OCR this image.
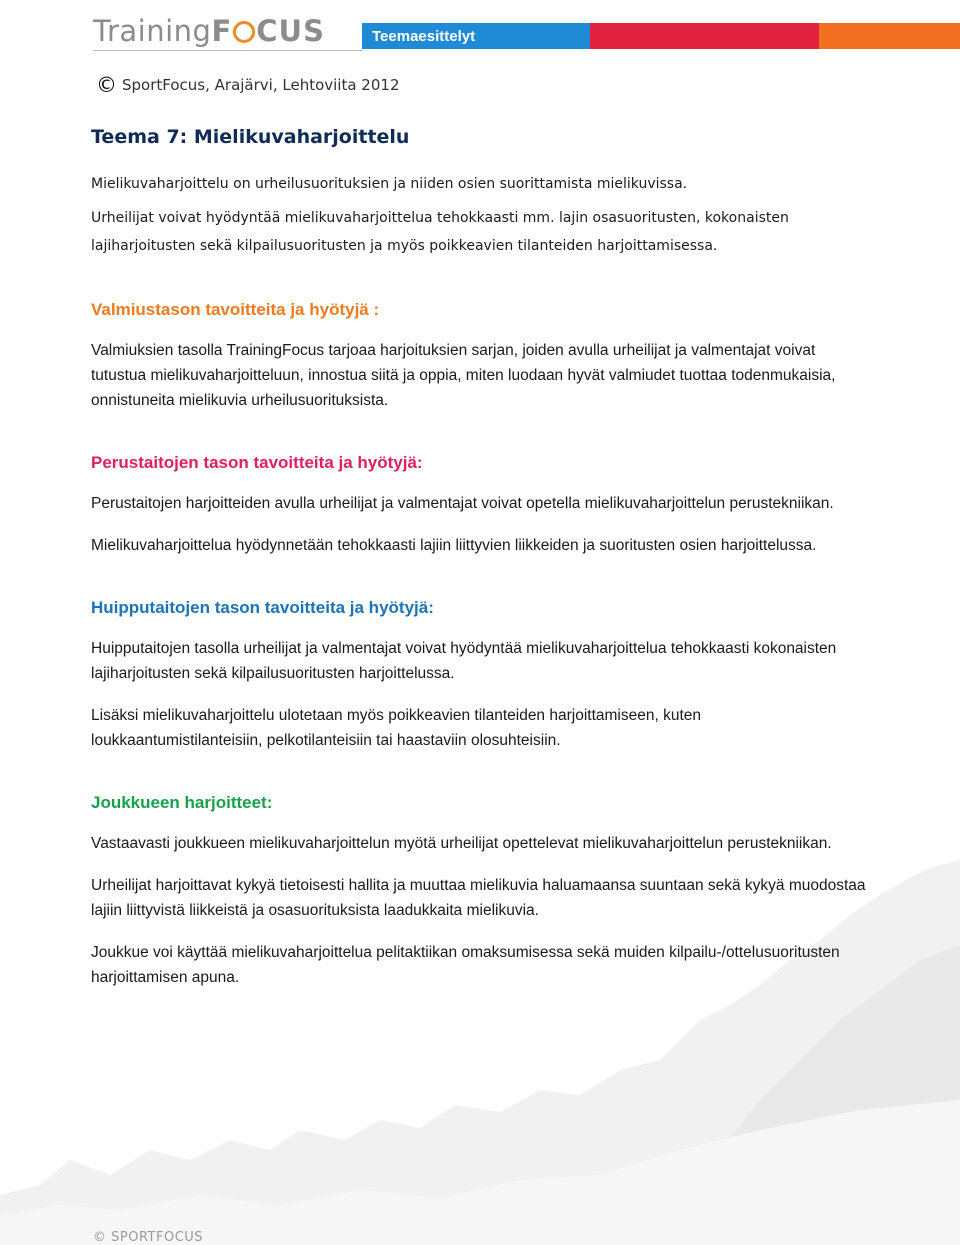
TrainingF CUS	Teemaesittelyt
© SportFocus, Arajärvi, Lehtoviita 2012
Teema 7: Mielikuvaharjoittelu

Mielikuvaharjoittelu on urheilusuorituksien ja niiden osien suorittamista mielikuvissa.

Urheilijat voivat hyödyntää mielikuvaharjoittelua tehokkaasti mm. lajin osasuoritusten, kokonaisten lajiharjoitusten sekä kilpailusuoritusten ja myös poikkeavien tilanteiden harjoittamisessa.

Valmiustason tavoitteita ja hyötyjä :

Valmiuksien tasolla TrainingFocus tarjoaa harjoituksien sarjan, joiden avulla urheilijat ja valmentajat voivat tutustua mielikuvaharjoitteluun, innostua siitä ja oppia, miten luodaan hyvät valmiudet tuottaa todenmukaisia, onnistuneita mielikuvia urheilusuorituksista.

Perustaitojen tason tavoitteita ja hyötyjä:

Perustaitojen harjoitteiden avulla urheilijat ja valmentajat voivat opetella mielikuvaharjoittelun perustekniikan.

Mielikuvaharjoittelua hyödynnetään tehokkaasti lajiin liittyvien liikkeiden ja suoritusten osien harjoittelussa.

Huipputaitojen tason tavoitteita ja hyötyjä:

Huipputaitojen tasolla urheilijat ja valmentajat voivat hyödyntää mielikuvaharjoittelua tehokkaasti kokonaisten lajiharjoitusten sekä kilpailusuoritusten harjoittelussa.

Lisäksi mielikuvaharjoittelu ulotetaan myös poikkeavien tilanteiden harjoittamiseen, kuten loukkaantumistilanteisiin, pelkotilanteisiin tai haastaviin olosuhteisiin.

Joukkueen harjoitteet:

Vastaavasti joukkueen mielikuvaharjoittelun myötä urheilijat opettelevat mielikuvaharjoittelun perustekniikan.

Urheilijat harjoittavat kykyä tietoisesti hallita ja muuttaa mielikuvia haluamaansa suuntaan sekä kykyä muodostaa lajiin liittyvistä liikkeistä ja osasuorituksista laadukkaita mielikuvia.

Joukkue voi käyttää mielikuvaharjoittelua pelitaktiikan omaksumisessa sekä muiden kilpailu-/ottelusuoritusten harjoittamisen apuna.

© SPORTFOCUS
